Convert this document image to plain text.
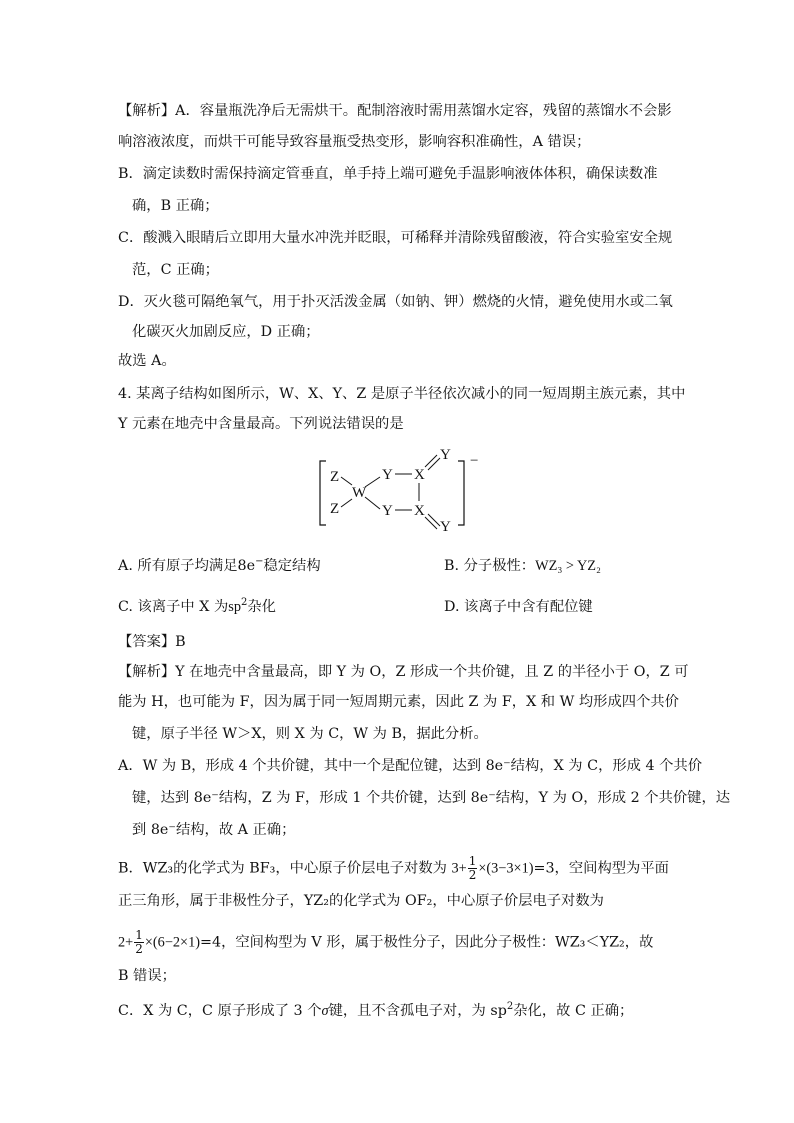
【解析】A．容量瓶洗净后无需烘干。配制溶液时需用蒸馏水定容，残留的蒸馏水不会影
响溶液浓度，而烘干可能导致容量瓶受热变形，影响容积准确性，A 错误；
B．滴定读数时需保持滴定管垂直，单手持上端可避免手温影响液体体积，确保读数准
确，B 正确；
C．酸溅入眼睛后立即用大量水冲洗并眨眼，可稀释并清除残留酸液，符合实验室安全规
范，C 正确；
D．灭火毯可隔绝氧气，用于扑灭活泼金属（如钠、钾）燃烧的火情，避免使用水或二氧
化碳灭火加剧反应，D 正确；
故选 A。
4. 某离子结构如图所示，W、X、Y、Z 是原子半径依次减小的同一短周期主族元素，其中
Y 元素在地壳中含量最高。下列说法错误的是
−
Z
Z
W
Y
Y
X
X
Y
Y
A. 所有原子均满足8e−稳定结构	B. 分子极性：WZ₃ > YZ₂
C. 该离子中 X 为$sp^2$杂化	D. 该离子中含有配位键
【答案】B
【解析】Y 在地壳中含量最高，即 Y 为 O，Z 形成一个共价键，且 Z 的半径小于 O，Z 可
能为 H，也可能为 F，因为属于同一短周期元素，因此 Z 为 F，X 和 W 均形成四个共价
键，原子半径 W＞X，则 X 为 C，W 为 B，据此分析。
A．W 为 B，形成 4 个共价键，其中一个是配位键，达到 8e⁻结构，X 为 C，形成 4 个共价
键，达到 8e⁻结构，Z 为 F，形成 1 个共价键，达到 8e⁻结构，Y 为 O，形成 2 个共价键，达
到 8e⁻结构，故 A 正确；
B．WZ₃的化学式为 BF₃，中心原子价层电子对数为 $3+ \frac{1}{2} \times(3-3\times 1)=3$，空间构型为平面
正三角形，属于非极性分子，YZ₂的化学式为 OF₂，中心原子价层电子对数为
$2+ \frac{1}{2} \times(6-2\times 1)=4$，空间构型为 V 形，属于极性分子，因此分子极性：WZ₃＜YZ₂，故
B 错误；
C．X 为 C，C 原子形成了 3 个σ键，且不含孤电子对，为 $sp^2$杂化，故 C 正确；
